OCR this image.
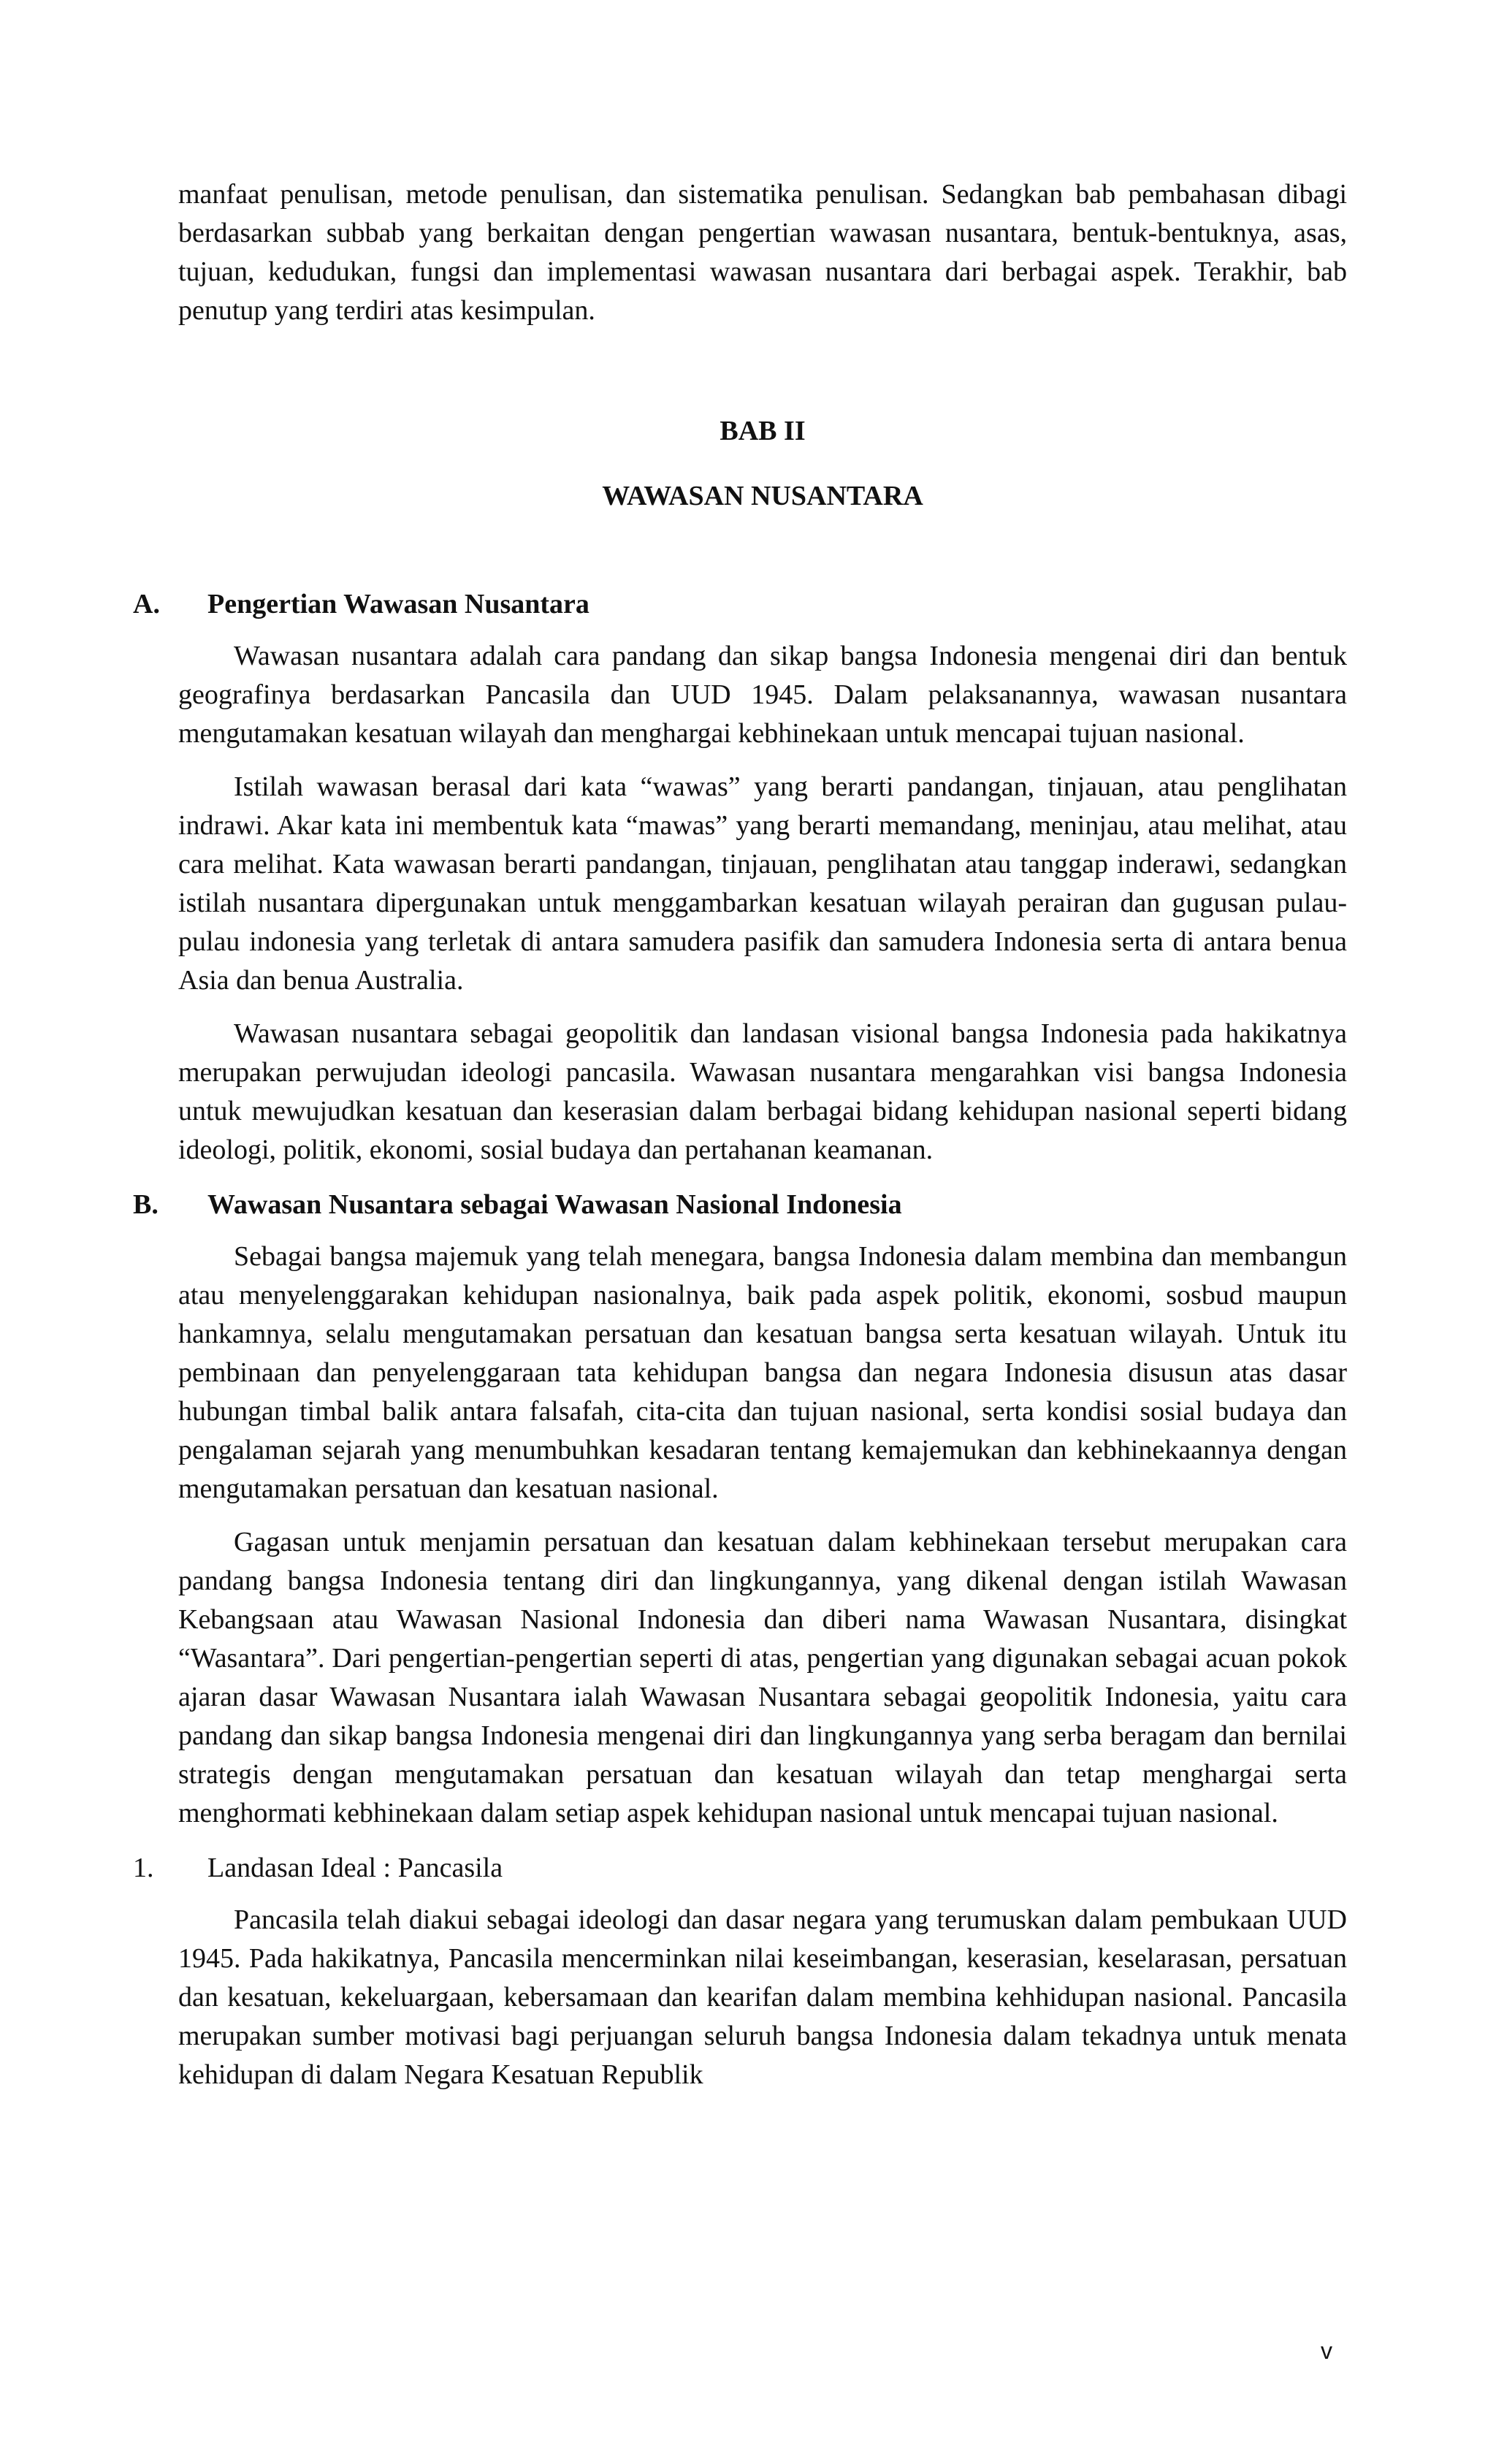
manfaat penulisan, metode penulisan, dan sistematika penulisan. Sedangkan bab pembahasan dibagi berdasarkan subbab yang berkaitan dengan pengertian wawasan nusantara, bentuk-bentuknya, asas, tujuan, kedudukan, fungsi dan implementasi wawasan nusantara dari berbagai aspek. Terakhir, bab penutup yang terdiri atas kesimpulan.

BAB II

WAWASAN NUSANTARA

A.	Pengertian Wawasan Nusantara

Wawasan nusantara adalah cara pandang dan sikap bangsa Indonesia mengenai diri dan bentuk geografinya berdasarkan Pancasila dan UUD 1945. Dalam pelaksanannya, wawasan nusantara mengutamakan kesatuan wilayah dan menghargai kebhinekaan untuk mencapai tujuan nasional.

Istilah wawasan berasal dari kata “wawas” yang berarti pandangan, tinjauan, atau penglihatan indrawi. Akar kata ini membentuk kata “mawas” yang berarti memandang, meninjau, atau melihat, atau cara melihat. Kata wawasan berarti pandangan, tinjauan, penglihatan atau tanggap inderawi, sedangkan istilah nusantara dipergunakan untuk menggambarkan kesatuan wilayah perairan dan gugusan pulau-pulau indonesia yang terletak di antara samudera pasifik dan samudera Indonesia serta di antara benua Asia dan benua Australia.

Wawasan nusantara sebagai geopolitik dan landasan visional bangsa Indonesia pada hakikatnya merupakan perwujudan ideologi pancasila. Wawasan nusantara mengarahkan visi bangsa Indonesia untuk mewujudkan kesatuan dan keserasian dalam berbagai bidang kehidupan nasional seperti bidang ideologi, politik, ekonomi, sosial budaya dan pertahanan keamanan.

B.	Wawasan Nusantara sebagai Wawasan Nasional Indonesia

Sebagai bangsa majemuk yang telah menegara, bangsa Indonesia dalam membina dan membangun atau menyelenggarakan kehidupan nasionalnya, baik pada aspek politik, ekonomi, sosbud maupun hankamnya, selalu mengutamakan persatuan dan kesatuan bangsa serta kesatuan wilayah. Untuk itu pembinaan dan penyelenggaraan tata kehidupan bangsa dan negara Indonesia disusun atas dasar hubungan timbal balik antara falsafah, cita-cita dan tujuan nasional, serta kondisi sosial budaya dan pengalaman sejarah yang menumbuhkan kesadaran tentang kemajemukan dan kebhinekaannya dengan mengutamakan persatuan dan kesatuan nasional.

Gagasan untuk menjamin persatuan dan kesatuan dalam kebhinekaan tersebut merupakan cara pandang bangsa Indonesia tentang diri dan lingkungannya, yang dikenal dengan istilah Wawasan Kebangsaan atau Wawasan Nasional Indonesia dan diberi nama Wawasan Nusantara, disingkat “Wasantara”. Dari pengertian-pengertian seperti di atas, pengertian yang digunakan sebagai acuan pokok ajaran dasar Wawasan Nusantara ialah Wawasan Nusantara sebagai geopolitik Indonesia, yaitu cara pandang dan sikap bangsa Indonesia mengenai diri dan lingkungannya yang serba beragam dan bernilai strategis dengan mengutamakan persatuan dan kesatuan wilayah dan tetap menghargai serta menghormati kebhinekaan dalam setiap aspek kehidupan nasional untuk mencapai tujuan nasional.

1.	Landasan Ideal : Pancasila

Pancasila telah diakui sebagai ideologi dan dasar negara yang terumuskan dalam pembukaan UUD 1945. Pada hakikatnya, Pancasila mencerminkan nilai keseimbangan, keserasian, keselarasan, persatuan dan kesatuan, kekeluargaan, kebersamaan dan kearifan dalam membina kehhidupan nasional. Pancasila merupakan sumber motivasi bagi perjuangan seluruh bangsa Indonesia dalam tekadnya untuk menata kehidupan di dalam Negara Kesatuan Republik

v
